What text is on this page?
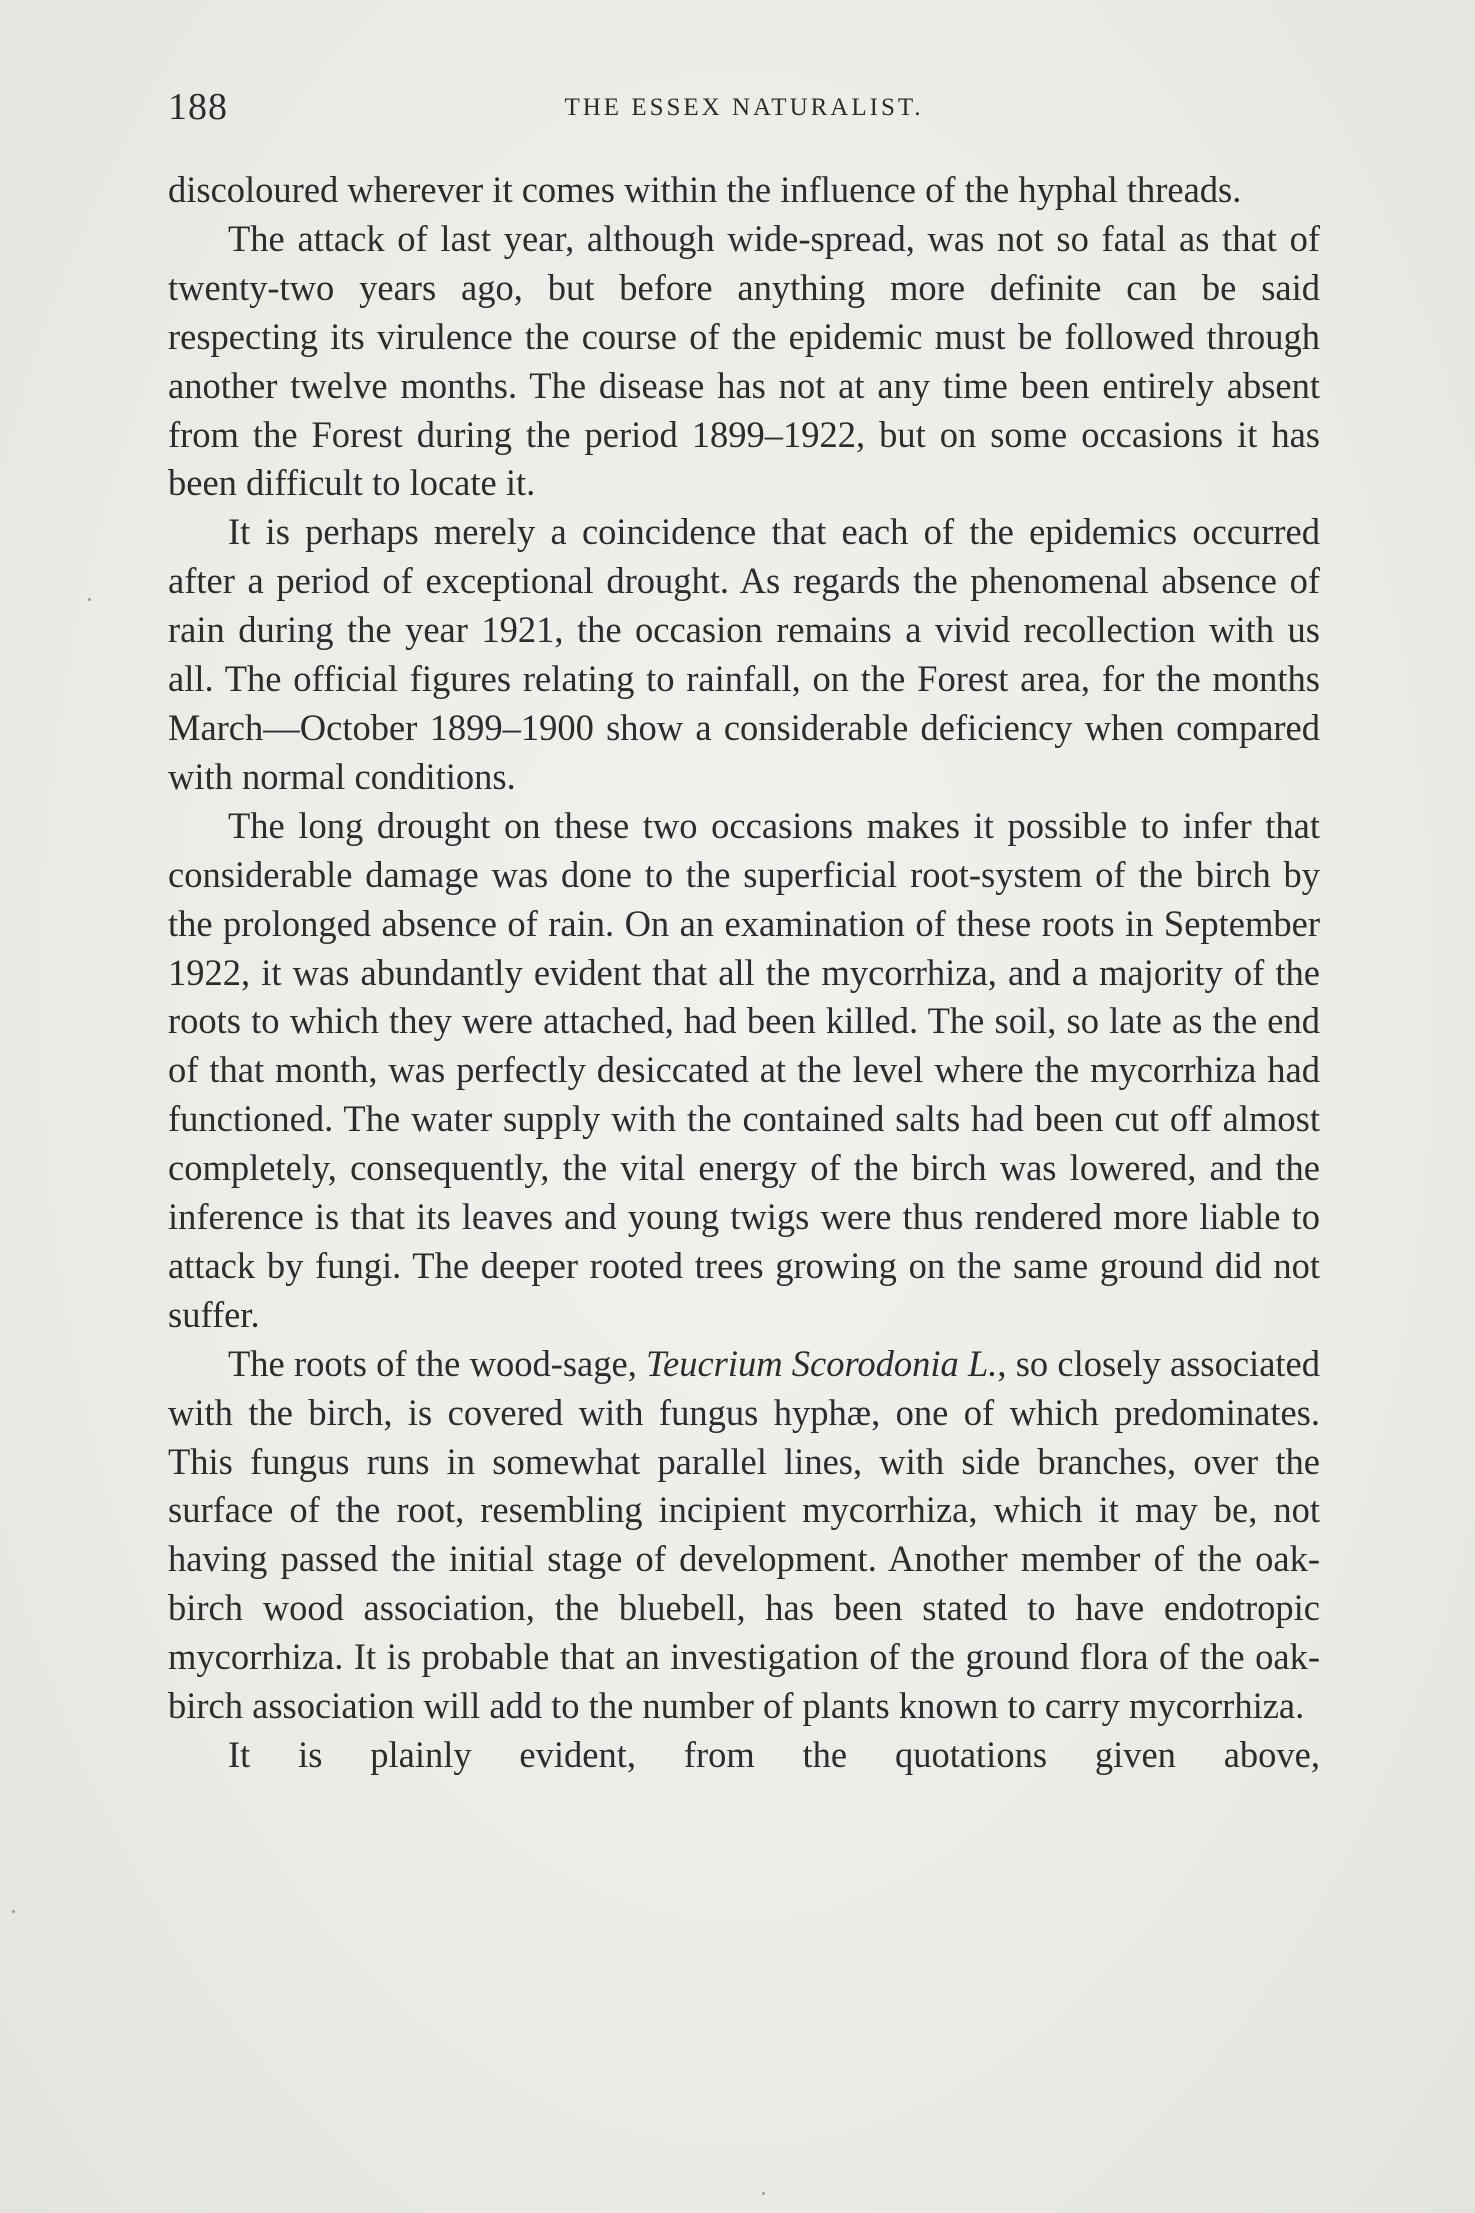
188	THE ESSEX NATURALIST.

discoloured wherever it comes within the influence of the hyphal threads.

The attack of last year, although wide-spread, was not so fatal as that of twenty-two years ago, but before anything more definite can be said respecting its virulence the course of the epidemic must be followed through another twelve months. The disease has not at any time been entirely absent from the Forest during the period 1899–1922, but on some occasions it has been difficult to locate it.

It is perhaps merely a coincidence that each of the epidemics occurred after a period of exceptional drought. As regards the phenomenal absence of rain during the year 1921, the occasion remains a vivid recollection with us all. The official figures relating to rainfall, on the Forest area, for the months March—October 1899–1900 show a considerable deficiency when compared with normal conditions.

The long drought on these two occasions makes it possible to infer that considerable damage was done to the superficial root-system of the birch by the prolonged absence of rain. On an examination of these roots in September 1922, it was abundantly evident that all the mycorrhiza, and a majority of the roots to which they were attached, had been killed. The soil, so late as the end of that month, was perfectly desiccated at the level where the mycorrhiza had functioned. The water supply with the contained salts had been cut off almost completely, consequently, the vital energy of the birch was lowered, and the inference is that its leaves and young twigs were thus rendered more liable to attack by fungi. The deeper rooted trees growing on the same ground did not suffer.

The roots of the wood-sage, Teucrium Scorodonia L., so closely associated with the birch, is covered with fungus hyphæ, one of which predominates. This fungus runs in somewhat parallel lines, with side branches, over the surface of the root, resembling incipient mycorrhiza, which it may be, not having passed the initial stage of development. Another member of the oak-birch wood association, the bluebell, has been stated to have endotropic mycorrhiza. It is probable that an investigation of the ground flora of the oak-birch association will add to the number of plants known to carry mycorrhiza.

It is plainly evident, from the quotations given above,
